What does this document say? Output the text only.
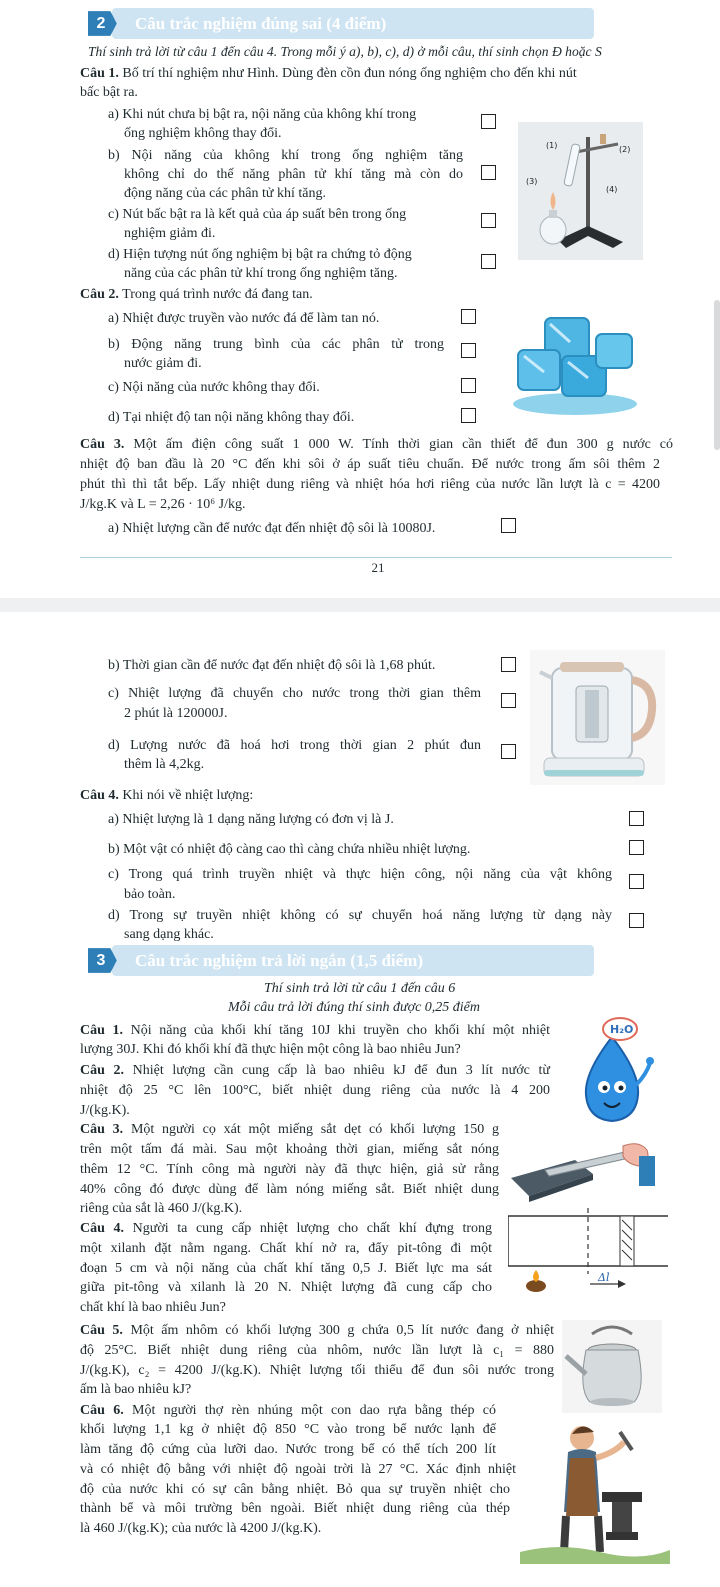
2	Câu trắc nghiệm đúng sai (4 điểm)
Thí sinh trả lời từ câu 1 đến câu 4. Trong mỗi ý a), b), c), d) ở mỗi câu, thí sinh chọn Đ hoặc S
Câu 1. Bố trí thí nghiệm như Hình. Dùng đèn cồn đun nóng ống nghiệm cho đến khi nút
bấc bật ra.
a) Khi nút chưa bị bật ra, nội năng của không khí trong
ống nghiệm không thay đổi.
b) Nội năng của không khí trong ống nghiệm tăng
không chỉ do thế năng phân tử khí tăng mà còn do
động năng của các phân tử khí tăng.
c) Nút bấc bật ra là kết quả của áp suất bên trong ống
nghiệm giảm đi.
d) Hiện tượng nút ống nghiệm bị bật ra chứng tỏ động
năng của các phân tử khí trong ống nghiệm tăng.
(1)	(2)
(3)
(4)
Câu 2. Trong quá trình nước đá đang tan.
a) Nhiệt được truyền vào nước đá để làm tan nó.
b) Động năng trung bình của các phân tử trong
nước giảm đi.
c) Nội năng của nước không thay đổi.
d) Tại nhiệt độ tan nội năng không thay đổi.
Câu 3. Một ấm điện công suất 1 000 W. Tính thời gian cần thiết để đun 300 g nước có
nhiệt độ ban đầu là 20 °C đến khi sôi ở áp suất tiêu chuẩn. Để nước trong ấm sôi thêm 2
phút thì thì tắt bếp. Lấy nhiệt dung riêng và nhiệt hóa hơi riêng của nước lần lượt là c = 4200
J/kg.K và L = 2,26 · 10⁶ J/kg.
a) Nhiệt lượng cần để nước đạt đến nhiệt độ sôi là 10080J.
21
b) Thời gian cần để nước đạt đến nhiệt độ sôi là 1,68 phút.
c) Nhiệt lượng đã chuyển cho nước trong thời gian thêm
2 phút là 120000J.
d) Lượng nước đã hoá hơi trong thời gian 2 phút đun
thêm là 4,2kg.
Câu 4. Khi nói về nhiệt lượng:
a) Nhiệt lượng là 1 dạng năng lượng có đơn vị là J.
b) Một vật có nhiệt độ càng cao thì càng chứa nhiều nhiệt lượng.
c) Trong quá trình truyền nhiệt và thực hiện công, nội năng của vật không
bảo toàn.
d) Trong sự truyền nhiệt không có sự chuyển hoá năng lượng từ dạng này
sang dạng khác.
3	Câu trắc nghiệm trả lời ngắn (1,5 điểm)
Thí sinh trả lời từ câu 1 đến câu 6
Mỗi câu trả lời đúng thí sinh được 0,25 điểm
Câu 1. Nội năng của khối khí tăng 10J khi truyền cho khối khí một nhiệt
lượng 30J. Khi đó khối khí đã thực hiện một công là bao nhiêu Jun?
H₂O
Câu 2. Nhiệt lượng cần cung cấp là bao nhiêu kJ để đun 3 lít nước từ
nhiệt độ 25 °C lên 100°C, biết nhiệt dung riêng của nước là 4 200
J/(kg.K).
Câu 3. Một người cọ xát một miếng sắt dẹt có khối lượng 150 g
trên một tấm đá mài. Sau một khoảng thời gian, miếng sắt nóng
thêm 12 °C. Tính công mà người này đã thực hiện, giả sử rằng
40% công đó được dùng để làm nóng miếng sắt. Biết nhiệt dung
riêng của sắt là 460 J/(kg.K).
Câu 4. Người ta cung cấp nhiệt lượng cho chất khí đựng trong
một xilanh đặt nằm ngang. Chất khí nở ra, đẩy pit-tông đi một
đoạn 5 cm và nội năng của chất khí tăng 0,5 J. Biết lực ma sát
giữa pit-tông và xilanh là 20 N. Nhiệt lượng đã cung cấp cho
chất khí là bao nhiêu Jun?
Δl
Câu 5. Một ấm nhôm có khối lượng 300 g chứa 0,5 lít nước đang ở nhiệt
độ 25°C. Biết nhiệt dung riêng của nhôm, nước lần lượt là c₁ = 880
J/(kg.K), c₂ = 4200 J/(kg.K). Nhiệt lượng tối thiểu để đun sôi nước trong
ấm là bao nhiêu kJ?
Câu 6. Một người thợ rèn nhúng một con dao rựa bằng thép có
khối lượng 1,1 kg ở nhiệt độ 850 °C vào trong bể nước lạnh để
làm tăng độ cứng của lưỡi dao. Nước trong bể có thể tích 200 lít
và có nhiệt độ bằng với nhiệt độ ngoài trời là 27 °C. Xác định nhiệt
độ của nước khi có sự cân bằng nhiệt. Bỏ qua sự truyền nhiệt cho
thành bể và môi trường bên ngoài. Biết nhiệt dung riêng của thép
là 460 J/(kg.K); của nước là 4200 J/(kg.K).
